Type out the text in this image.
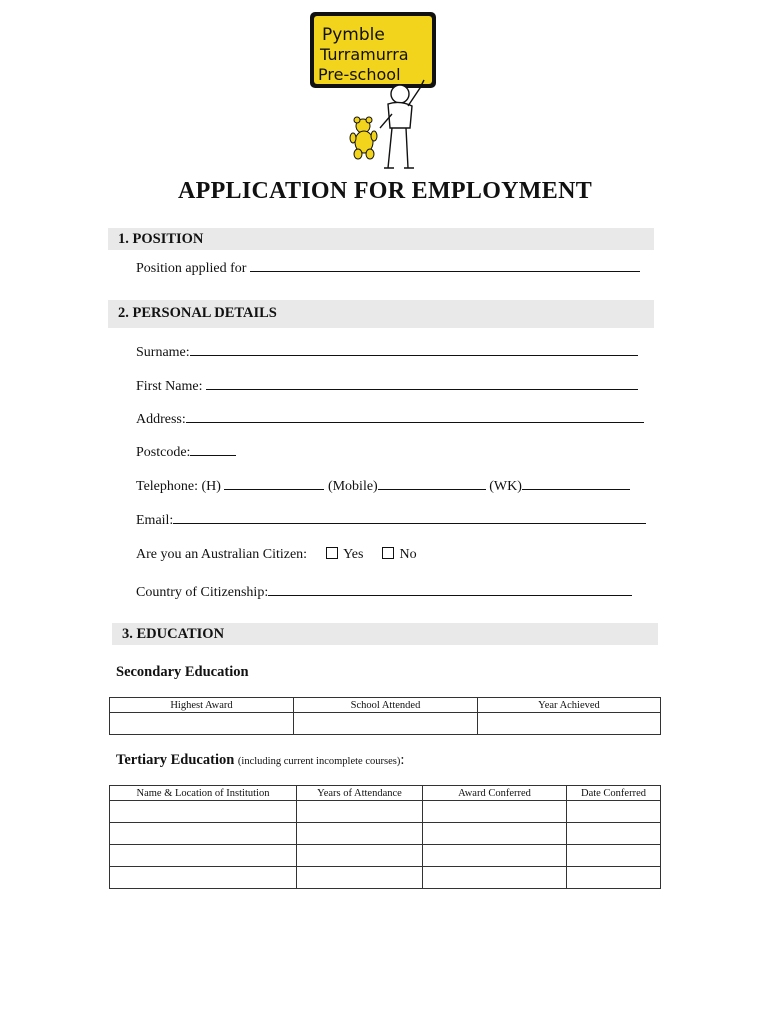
Pymble
Turramurra
Pre-school
APPLICATION FOR EMPLOYMENT
1. POSITION
Position applied for
2. PERSONAL DETAILS
Surname:
First Name:
Address:
Postcode:
Telephone: (H)	(Mobile)	(WK)
Email:
Are you an Australian Citizen:	Yes	No
Country of Citizenship:
3. EDUCATION
Secondary Education
Highest Award	School Attended	Year Achieved

Tertiary Education (including current incomplete courses):
Name & Location of Institution	Years of Attendance	Award Conferred	Date Conferred
